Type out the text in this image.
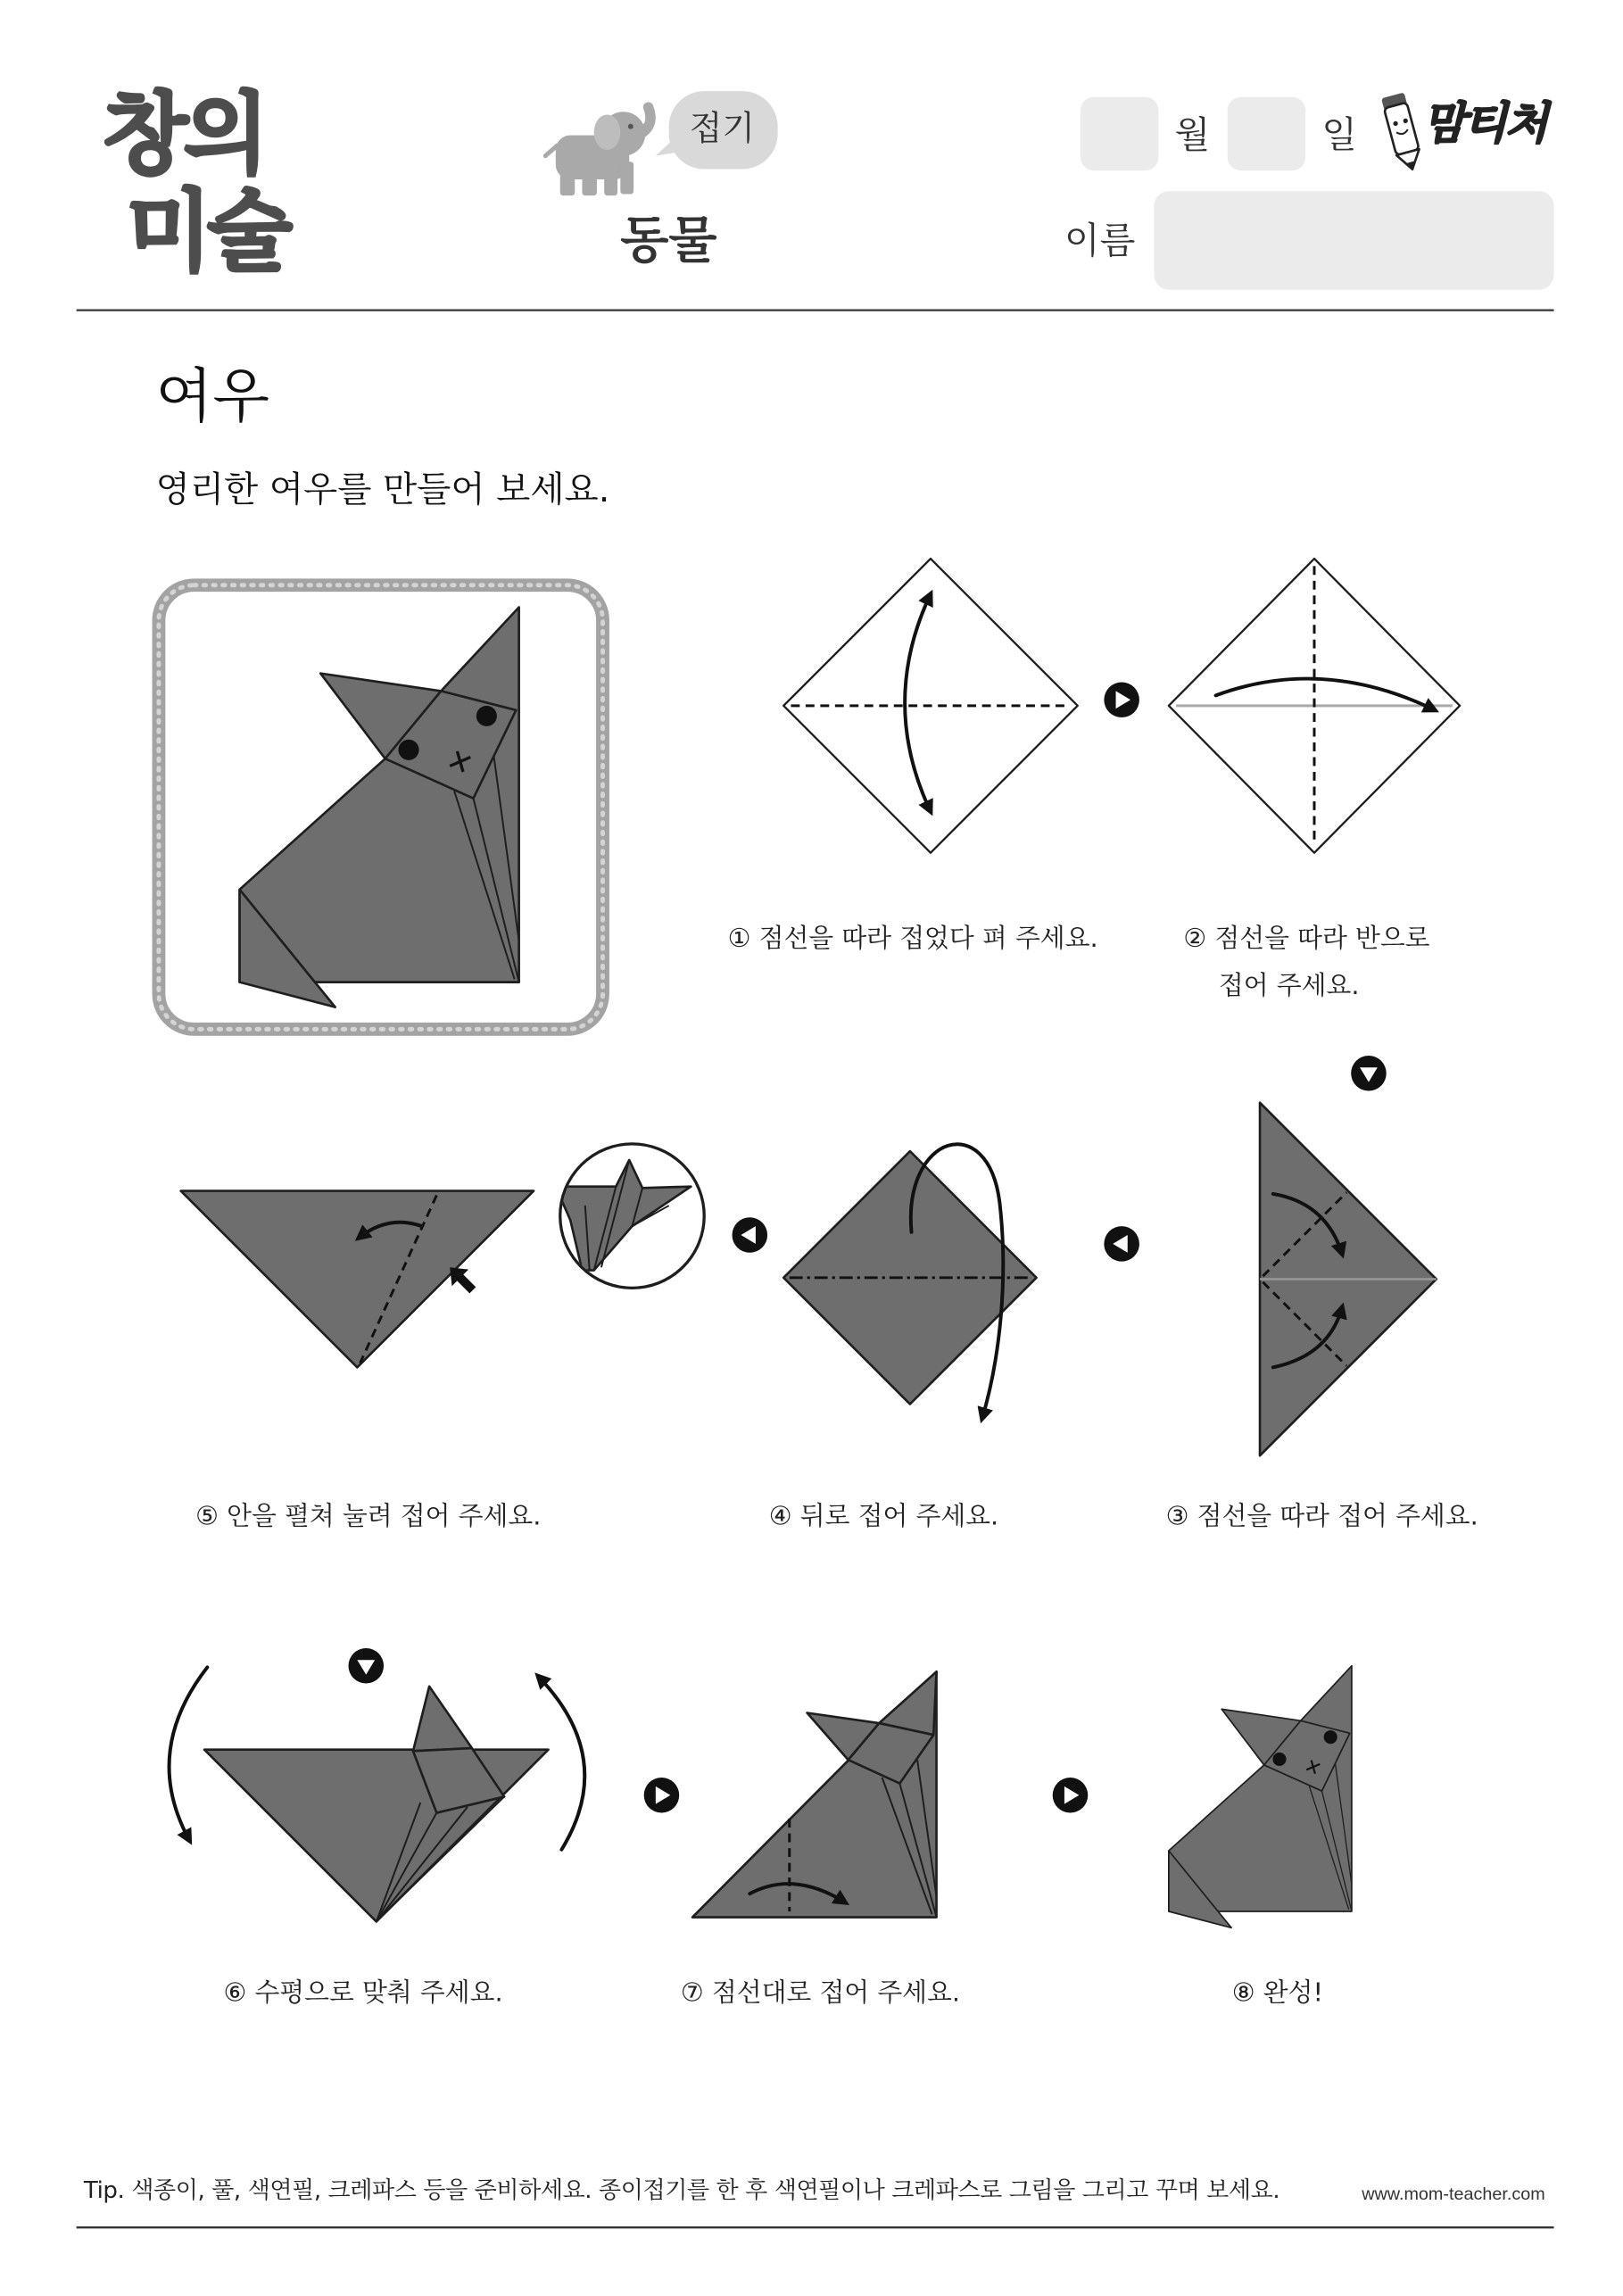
창의
미술
접기
동물
월	일 맘티처
이름
여우
영리한 여우를 만들어 보세요.
① 점선을 따라 접었다 펴 주세요.	② 점선을 따라 반으로
접어 주세요.
③ 점선을 따라 접어 주세요.
④ 뒤로 접어 주세요.
⑤ 안을 펼쳐 눌려 접어 주세요.
⑥ 수평으로 맞춰 주세요.	⑦ 점선대로 접어 주세요.	⑧ 완성!
Tip. 색종이, 풀, 색연필, 크레파스 등을 준비하세요. 종이접기를 한 후 색연필이나 크레파스로 그림을 그리고 꾸며 보세요.	www.mom-teacher.com
